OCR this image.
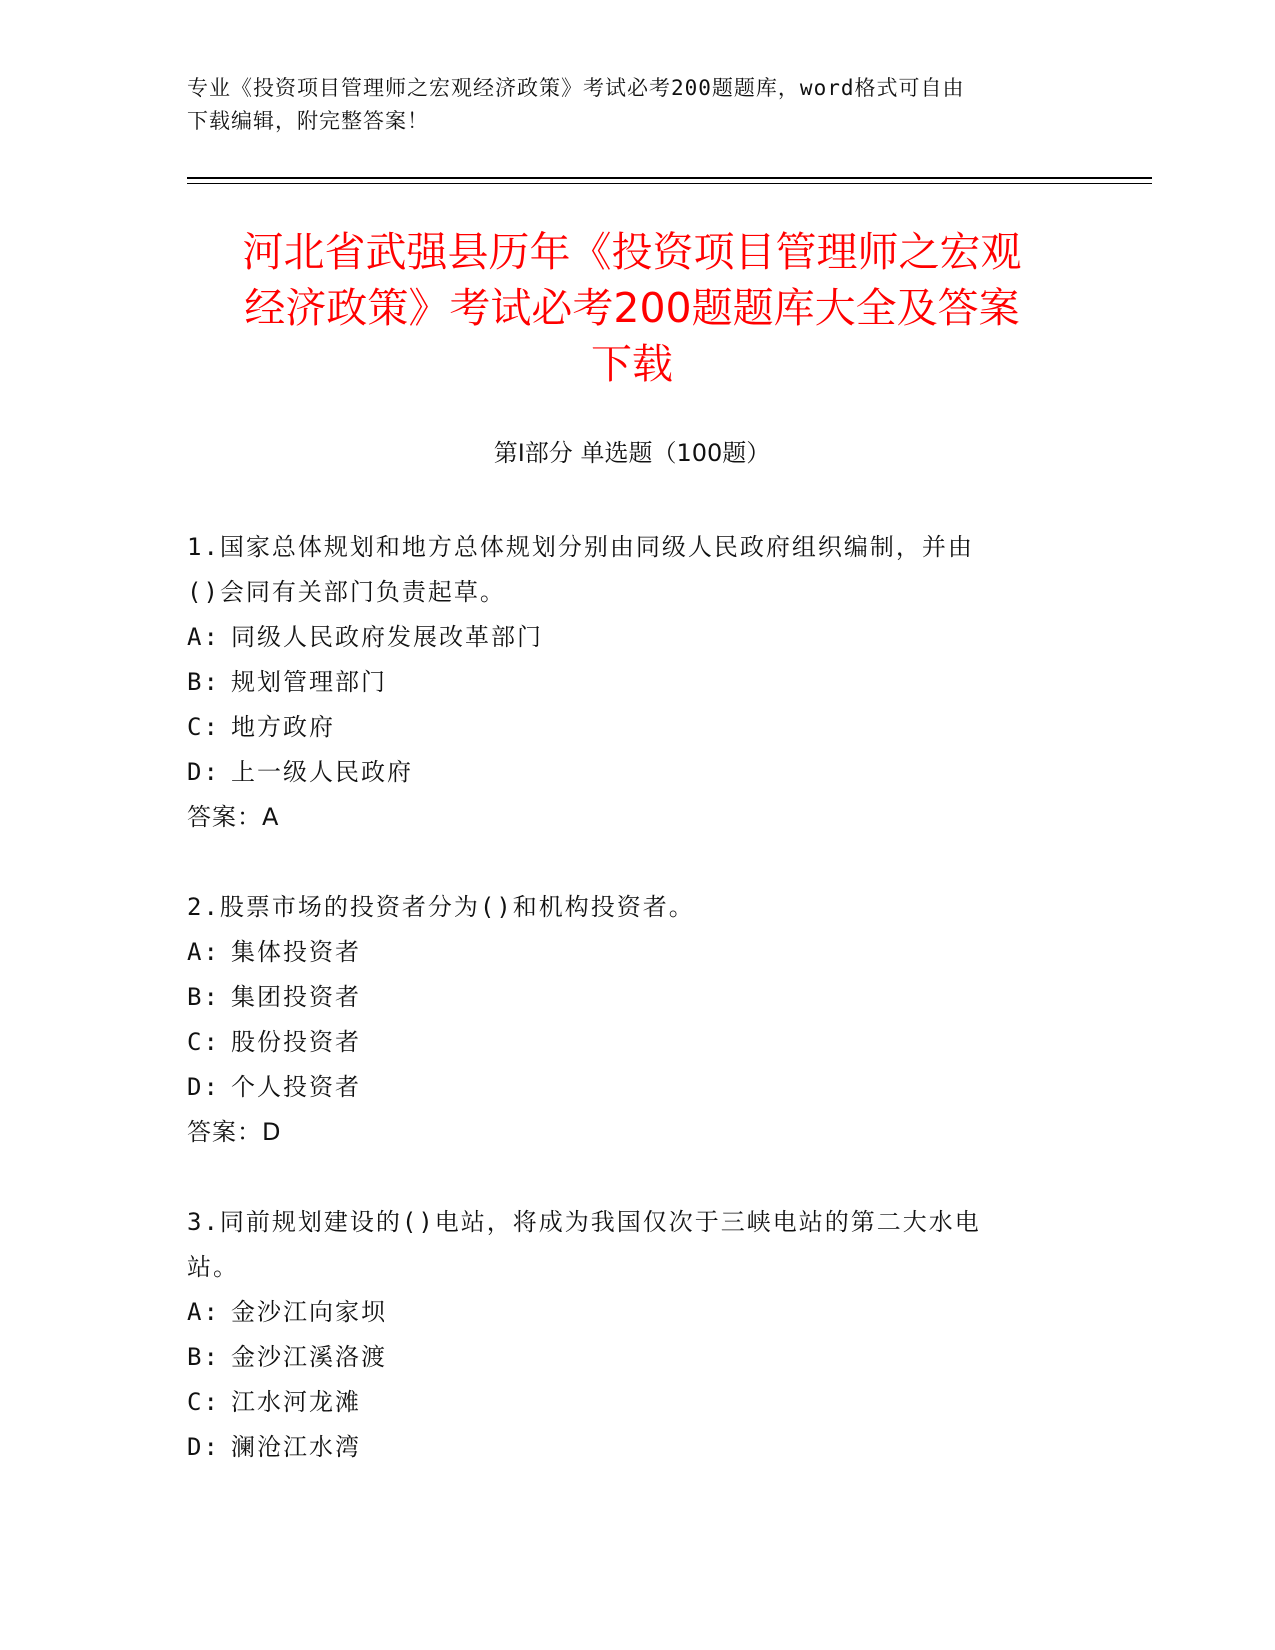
专业《投资项目管理师之宏观经济政策》考试必考200题题库，word格式可自由
下载编辑，附完整答案！
河北省武强县历年《投资项目管理师之宏观
经济政策》考试必考200题题库大全及答案
下载
第I部分 单选题（100题）
1.国家总体规划和地方总体规划分别由同级人民政府组织编制，并由
()会同有关部门负责起草。
A: 同级人民政府发展改革部门
B: 规划管理部门
C: 地方政府
D: 上一级人民政府
答案：A
2.股票市场的投资者分为()和机构投资者。
A: 集体投资者
B: 集团投资者
C: 股份投资者
D: 个人投资者
答案：D
3.同前规划建设的()电站，将成为我国仅次于三峡电站的第二大水电
站。
A: 金沙江向家坝
B: 金沙江溪洛渡
C: 江水河龙滩
D: 澜沧江水湾
